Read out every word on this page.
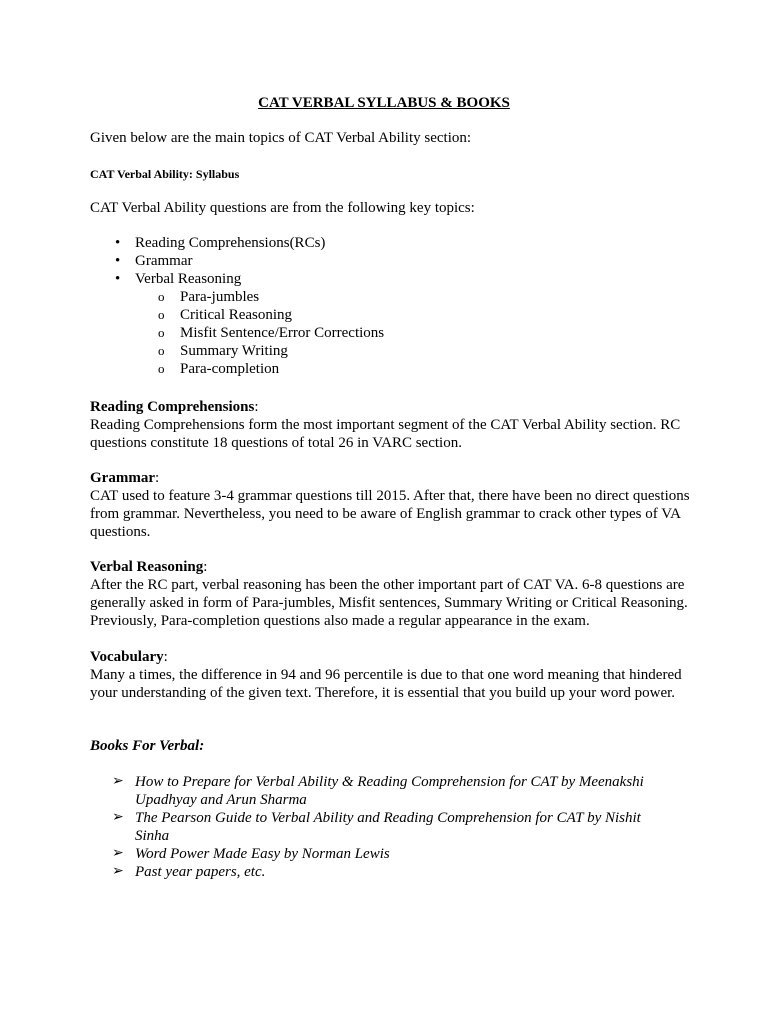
CAT VERBAL SYLLABUS & BOOKS

Given below are the main topics of CAT Verbal Ability section:

CAT Verbal Ability: Syllabus

CAT Verbal Ability questions are from the following key topics:

• Reading Comprehensions(RCs)
• Grammar
• Verbal Reasoning
o Para-jumbles
o Critical Reasoning
o Misfit Sentence/Error Corrections
o Summary Writing
o Para-completion
Reading Comprehensions:
Reading Comprehensions form the most important segment of the CAT Verbal Ability section. RC questions constitute 18 questions of total 26 in VARC section.
Grammar:
CAT used to feature 3-4 grammar questions till 2015. After that, there have been no direct questions from grammar. Nevertheless, you need to be aware of English grammar to crack other types of VA questions.
Verbal Reasoning:
After the RC part, verbal reasoning has been the other important part of CAT VA. 6-8 questions are generally asked in form of Para-jumbles, Misfit sentences, Summary Writing or Critical Reasoning. Previously, Para-completion questions also made a regular appearance in the exam.
Vocabulary:
Many a times, the difference in 94 and 96 percentile is due to that one word meaning that hindered your understanding of the given text. Therefore, it is essential that you build up your word power.

Books For Verbal:

➢ How to Prepare for Verbal Ability & Reading Comprehension for CAT by Meenakshi Upadhyay and Arun Sharma
➢ The Pearson Guide to Verbal Ability and Reading Comprehension for CAT by Nishit Sinha
➢ Word Power Made Easy by Norman Lewis
➢ Past year papers, etc.
